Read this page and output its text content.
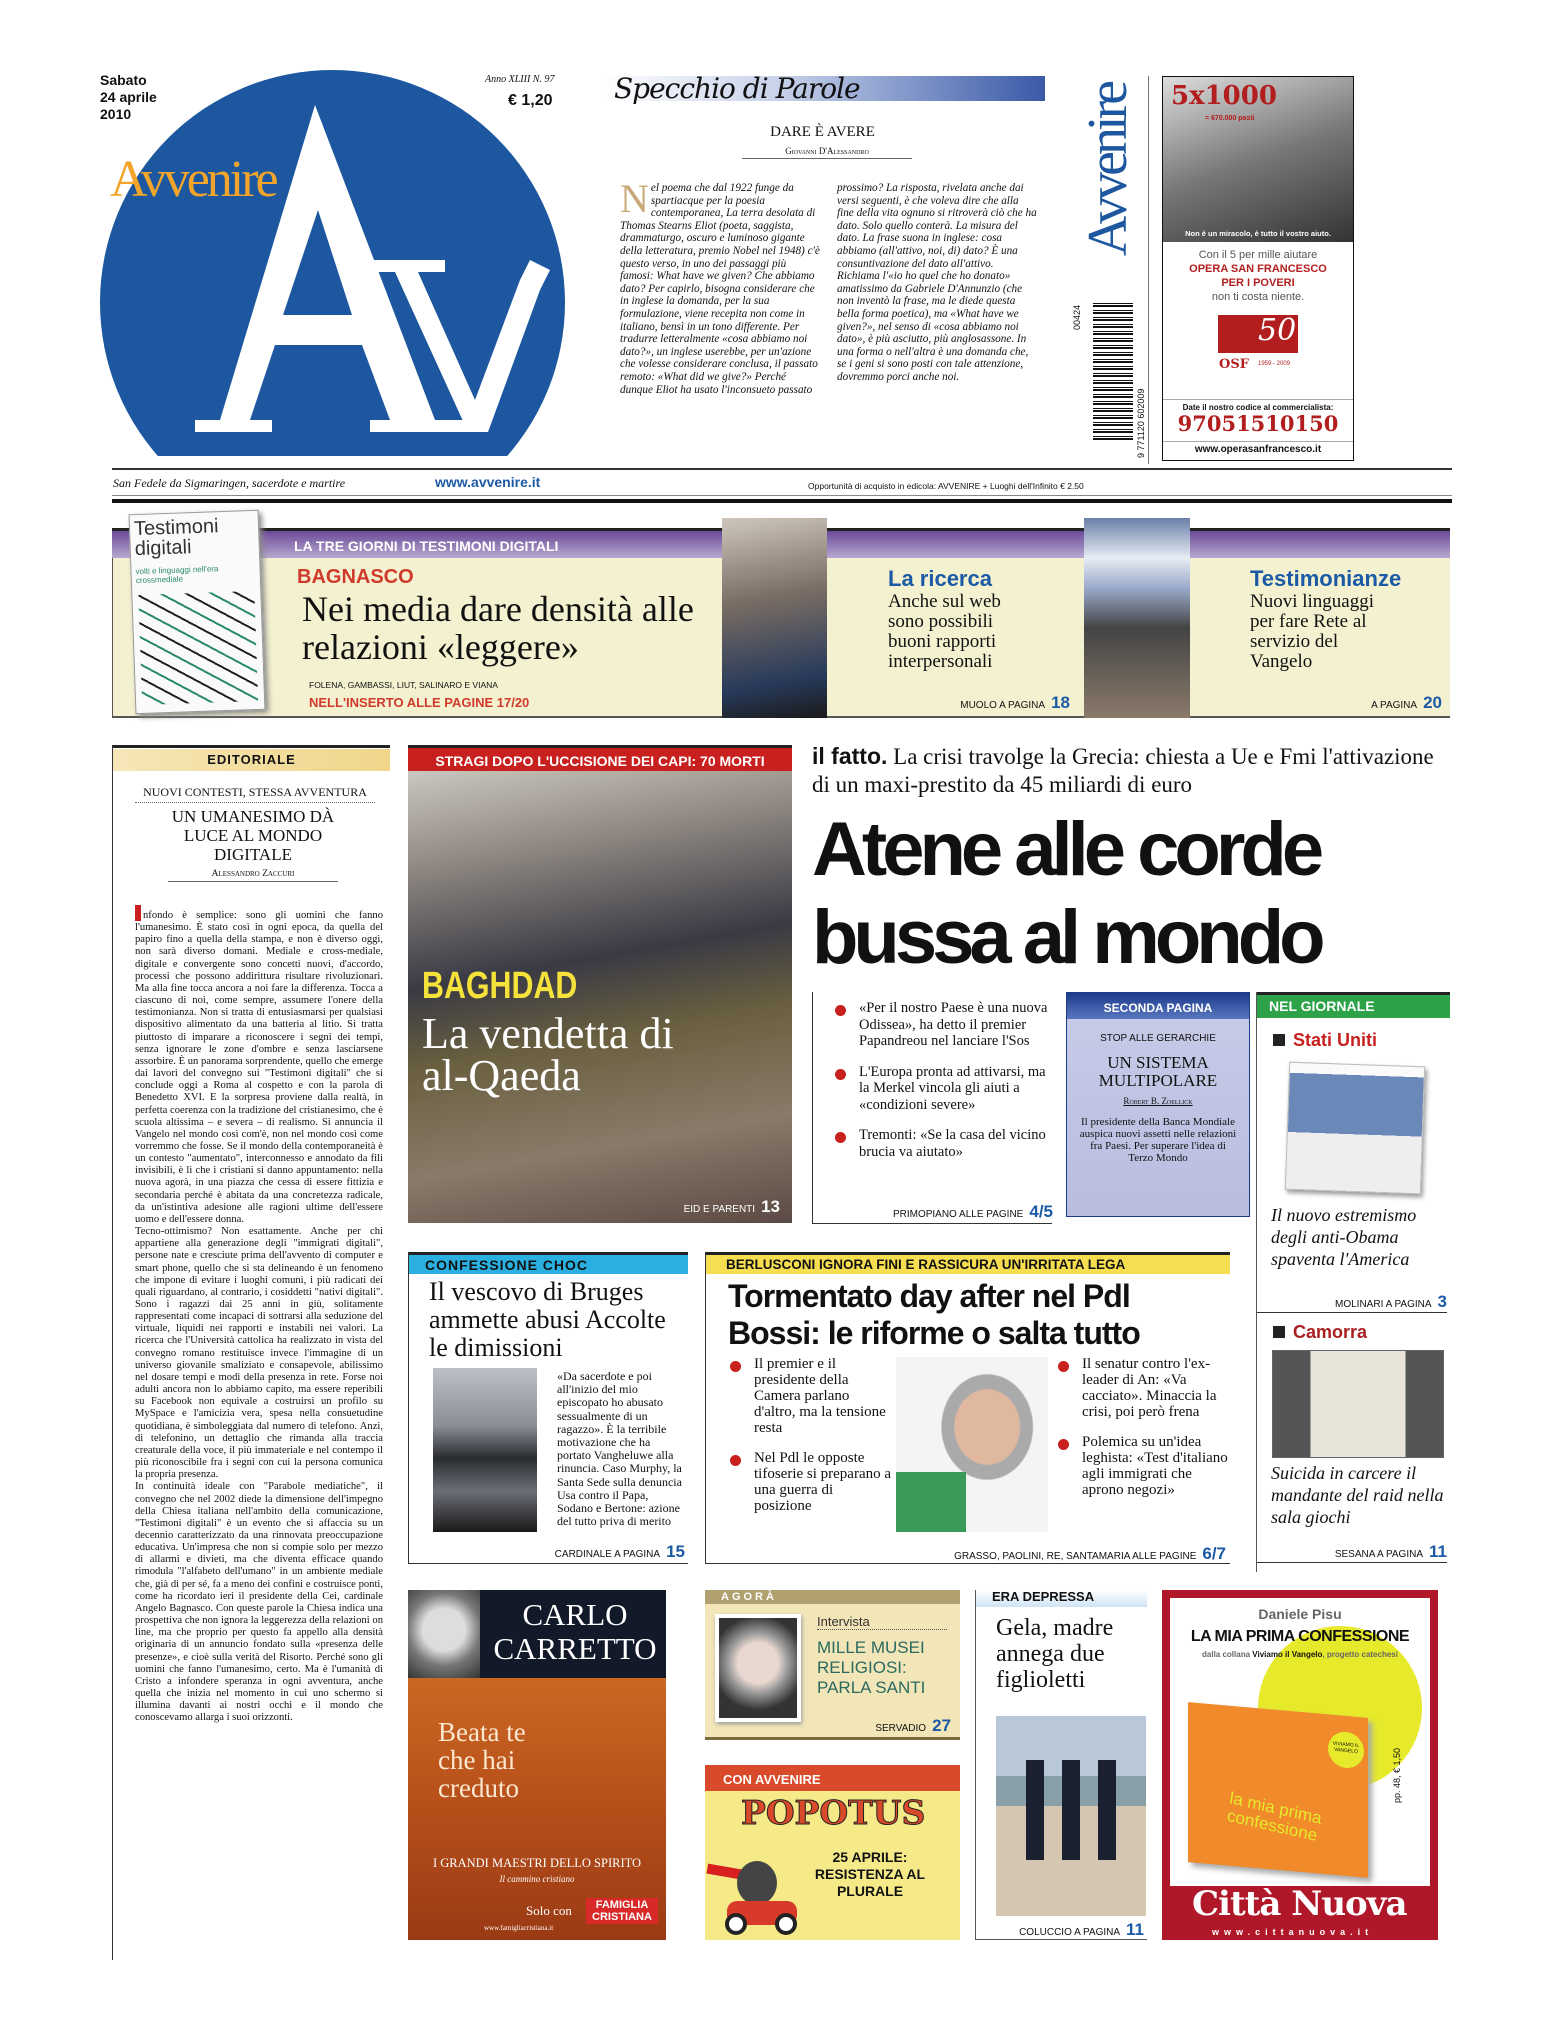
Sabato
24 aprile
2010
Anno XLIII N. 97
€ 1,20
Avvenire
San Fedele da Sigmaringen, sacerdote e martire	www.avvenire.it	Opportunità di acquisto in edicola: AVVENIRE + Luoghi dell'Infinito € 2.50
Specchio di Parole
DARE È AVERE
Giovanni D'Alessandro
Nel poema che dal 1922 funge da spartiacque per la poesia contemporanea, La terra desolata di Thomas Stearns Eliot (poeta, saggista, drammaturgo, oscuro e luminoso gigante della letteratura, premio Nobel nel 1948) c'è questo verso, in uno dei passaggi più famosi: What have we given? Che abbiamo dato? Per capirlo, bisogna considerare che in inglese la domanda, per la sua formulazione, viene recepita non come in italiano, bensì in un tono differente. Per tradurre letteralmente «cosa abbiamo noi dato?», un inglese userebbe, per un'azione che volesse considerare conclusa, il passato remoto: «What did we give?» Perché dunque Eliot ha usato l'inconsueto passato
prossimo? La risposta, rivelata anche dai versi seguenti, è che voleva dire che alla fine della vita ognuno si ritroverà ciò che ha dato. Solo quello conterà. La misura del dato. La frase suona in inglese: cosa abbiamo (all'attivo, noi, di) dato? È una consuntivazione del dato all'attivo. Richiama l'«io ho quel che ho donato» amatissimo da Gabriele D'Annunzio (che non inventò la frase, ma le diede questa bella forma poetica), ma «What have we given?», nel senso di «cosa abbiamo noi dato», è più asciutto, più anglosassone. In una forma o nell'altra è una domanda che, se i geni si sono posti con tale attenzione, dovremmo porci anche noi.
Avvenire
00424
9 771120 602009
5x1000
= 670.000 pasti
Non è un miracolo, è tutto il vostro aiuto.
Con il 5 per mille aiutare
OPERA SAN FRANCESCO
PER I POVERI
non ti costa niente.
50°
OSF 1959 - 2009
Date il nostro codice al commercialista:
97051510150
www.operasanfrancesco.it
Testimoni digitali
volti e linguaggi nell'era crossmediale
LA TRE GIORNI DI TESTIMONI DIGITALI
BAGNASCO
Nei media dare densità alle relazioni «leggere»
FOLENA, GAMBASSI, LIUT, SALINARO E VIANA
NELL'INSERTO ALLE PAGINE 17/20
La ricerca
Anche sul web sono possibili buoni rapporti interpersonali
MUOLO A PAGINA 18
Testimonianze
Nuovi linguaggi per fare Rete al servizio del Vangelo
A PAGINA 20
EDITORIALE
NUOVI CONTESTI, STESSA AVVENTURA
UN UMANESIMO DÀ LUCE AL MONDO DIGITALE
Alessandro Zaccuri

nfondo è semplice: sono gli uomini che fanno l'umanesimo. È stato così in ogni epoca, da quella del papiro fino a quella della stampa, e non è diverso oggi, non sarà diverso domani. Mediale e cross-mediale, digitale e convergente sono concetti nuovi, d'accordo, processi che possono addirittura risultare rivoluzionari. Ma alla fine tocca ancora a noi fare la differenza. Tocca a ciascuno di noi, come sempre, assumere l'onere della testimonianza. Non si tratta di entusiasmarsi per qualsiasi dispositivo alimentato da una batteria al litio. Si tratta piuttosto di imparare a riconoscere i segni dei tempi, senza ignorare le zone d'ombre e senza lasciarsene assorbire. È un panorama sorprendente, quello che emerge dai lavori del convegno sui "Testimoni digitali" che si conclude oggi a Roma al cospetto e con la parola di Benedetto XVI. E la sorpresa proviene dalla realtà, in perfetta coerenza con la tradizione del cristianesimo, che è scuola altissima – e severa – di realismo. Si annuncia il Vangelo nel mondo così com'è, non nel mondo così come vorremmo che fosse. Se il mondo della contemporaneità è un contesto "aumentato", interconnesso e annodato da fili invisibili, è lì che i cristiani si danno appuntamento: nella nuova agorà, in una piazza che cessa di essere fittizia e secondaria perché è abitata da una concretezza radicale, da un'istintiva adesione alle ragioni ultime dell'essere uomo e dell'essere donna.

Tecno-ottimismo? Non esattamente. Anche per chi appartiene alla generazione degli "immigrati digitali", persone nate e cresciute prima dell'avvento di computer e smart phone, quello che si sta delineando è un fenomeno che impone di evitare i luoghi comuni, i più radicati dei quali riguardano, al contrario, i cosiddetti "nativi digitali". Sono i ragazzi dai 25 anni in giù, solitamente rappresentati come incapaci di sottrarsi alla seduzione del virtuale, liquidi nei rapporti e instabili nei valori. La ricerca che l'Università cattolica ha realizzato in vista del convegno romano restituisce invece l'immagine di un universo giovanile smaliziato e consapevole, abilissimo nel dosare tempi e modi della presenza in rete. Forse noi adulti ancora non lo abbiamo capito, ma essere reperibili su Facebook non equivale a costruirsi un profilo su MySpace e l'amicizia vera, spesa nella consuetudine quotidiana, è simboleggiata dal numero di telefono. Anzi, di telefonino, un dettaglio che rimanda alla traccia creaturale della voce, il più immateriale e nel contempo il più riconoscibile fra i segni con cui la persona comunica la propria presenza.

In continuità ideale con "Parabole mediatiche", il convegno che nel 2002 diede la dimensione dell'impegno della Chiesa italiana nell'ambito della comunicazione, "Testimoni digitali" è un evento che si affaccia su un decennio caratterizzato da una rinnovata preoccupazione educativa. Un'impresa che non si compie solo per mezzo di allarmi e divieti, ma che diventa efficace quando rimodula "l'alfabeto dell'umano" in un ambiente mediale che, già di per sé, fa a meno dei confini e costruisce ponti, come ha ricordato ieri il presidente della Cei, cardinale Angelo Bagnasco. Con queste parole la Chiesa indica una prospettiva che non ignora la leggerezza della relazioni on line, ma che proprio per questo fa appello alla densità originaria di un annuncio fondato sulla «presenza delle presenze», e cioè sulla verità del Risorto. Perché sono gli uomini che fanno l'umanesimo, certo. Ma è l'umanità di Cristo a infondere speranza in ogni avventura, anche quella che inizia nel momento in cui uno schermo si illumina davanti ai nostri occhi e il mondo che conoscevamo allarga i suoi orizzonti.

STRAGI DOPO L'UCCISIONE DEI CAPI: 70 MORTI
BAGHDAD
La vendetta di al-Qaeda
EID E PARENTI 13
il fatto. La crisi travolge la Grecia: chiesta a Ue e Fmi l'attivazione di un maxi-prestito da 45 miliardi di euro
Atene alle corde
bussa al mondo
«Per il nostro Paese è una nuova Odissea», ha detto il premier Papandreou nel lanciare l'Sos
L'Europa pronta ad attivarsi, ma la Merkel vincola gli aiuti a «condizioni severe»
Tremonti: «Se la casa del vicino brucia va aiutato»
PRIMOPIANO ALLE PAGINE 4/5
SECONDA PAGINA
STOP ALLE GERARCHIE
UN SISTEMA MULTIPOLARE
Robert B. Zoellick
Il presidente della Banca Mondiale auspica nuovi assetti nelle relazioni fra Paesi. Per superare l'idea di Terzo Mondo
NEL GIORNALE
Stati Uniti
Il nuovo estremismo degli anti-Obama spaventa l'America
MOLINARI A PAGINA 3
Camorra
Suicida in carcere il mandante del raid nella sala giochi
SESANA A PAGINA 11
CONFESSIONE CHOC
Il vescovo di Bruges ammette abusi Accolte le dimissioni
«Da sacerdote e poi all'inizio del mio episcopato ho abusato sessualmente di un ragazzo». È la terribile motivazione che ha portato Vangheluwe alla rinuncia. Caso Murphy, la Santa Sede sulla denuncia Usa contro il Papa, Sodano e Bertone: azione del tutto priva di merito
CARDINALE A PAGINA 15
BERLUSCONI IGNORA FINI E RASSICURA UN'IRRITATA LEGA
Tormentato day after nel Pdl
Bossi: le riforme o salta tutto
Il premier e il presidente della Camera parlano d'altro, ma la tensione resta
Nel Pdl le opposte tifoserie si preparano a una guerra di posizione
Il senatur contro l'ex-leader di An: «Va cacciato». Minaccia la crisi, poi però frena
Polemica su un'idea leghista: «Test d'italiano agli immigrati che aprono negozi»
GRASSO, PAOLINI, RE, SANTAMARIA ALLE PAGINE 6/7
CARLO
CARRETTO
Beata te che hai creduto
I GRANDI MAESTRI DELLO SPIRITO
Il cammino cristiano
Solo con
www.famigliacristiana.it
FAMIGLIA
CRISTIANA
AGORÀ
Intervista
MILLE MUSEI RELIGIOSI: PARLA SANTI
SERVADIO 27
CON AVVENIRE
POPOTUS
25 APRILE: RESISTENZA AL PLURALE
ERA DEPRESSA
Gela, madre annega due figlioletti
COLUCCIO A PAGINA 11
Daniele Pisu
LA MIA PRIMA CONFESSIONE
dalla collana Viviamo il Vangelo, progetto catechesi
la mia prima confessione
VIVIAMO IL VANGELO	pp. 48, € 1,50
Città Nuova
www.cittanuova.it
